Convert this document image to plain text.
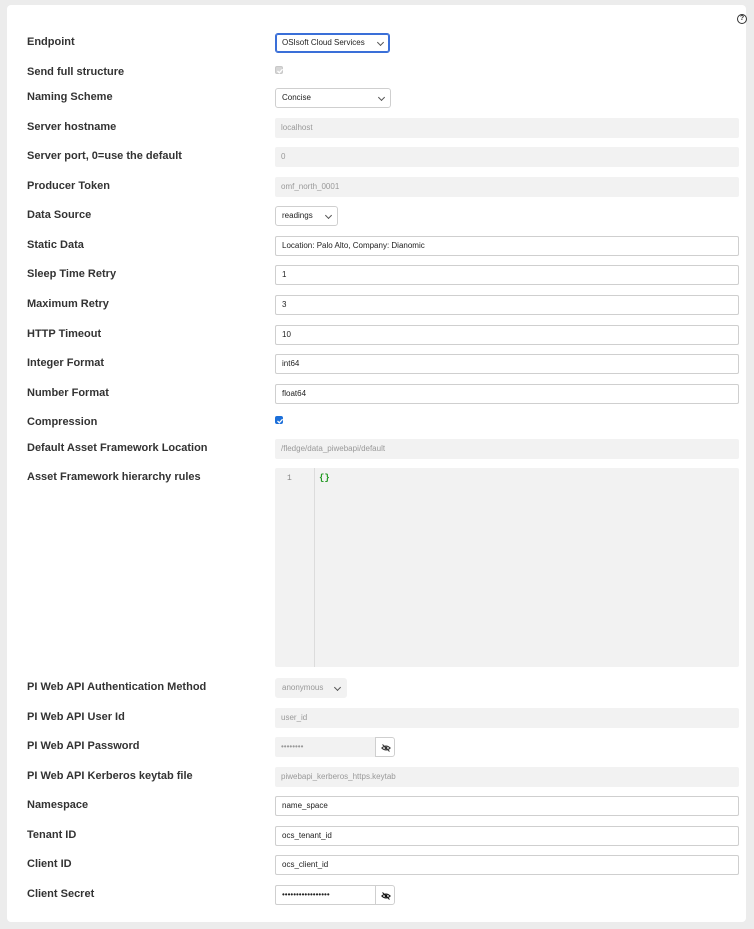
?
Endpoint	OSIsoft Cloud Services
Send full structure
Naming Scheme	Concise
Server hostname	localhost
Server port, 0=use the default	0
Producer Token	omf_north_0001
Data Source	readings
Static Data	Location: Palo Alto, Company: Dianomic
Sleep Time Retry	1
Maximum Retry	3
HTTP Timeout	10
Integer Format	int64
Number Format	float64
Compression
Default Asset Framework Location	/fledge/data_piwebapi/default
Asset Framework hierarchy rules	1	{}
PI Web API Authentication Method	anonymous
PI Web API User Id	user_id
PI Web API Password	••••••••
PI Web API Kerberos keytab file	piwebapi_kerberos_https.keytab
Namespace	name_space
Tenant ID	ocs_tenant_id
Client ID	ocs_client_id
Client Secret	•••••••••••••••••
